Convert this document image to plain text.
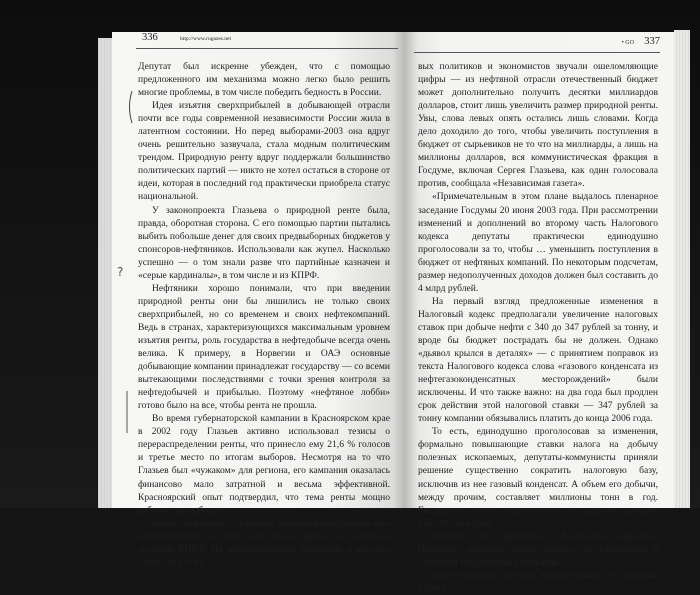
336	http://www.rugazes.net

Депутат был искренне убежден, что с помощью предложенного им механизма можно легко было решить многие проблемы, в том числе победить бедность в России.

Идея изъятия сверхприбылей в добывающей отрасли почти все годы современной независимости России жила в латентном состоянии. Но перед выборами-2003 она вдруг очень решительно зазвучала, стала модным политическим трендом. Природную ренту вдруг поддержали большинство политических партий — никто не хотел остаться в стороне от идеи, которая в последний год практически приобрела статус национальной.

У законопроекта Глазьева о природной ренте была, правда, оборотная сторона. С его помощью партии пытались выбить побольше денег для своих предвыборных бюджетов у спонсоров-нефтяников. Использовали как жупел. Насколько успешно — о том знали разве что партийные казначеи и «серые кардиналы», в том числе и из КПРФ.

Нефтяники хорошо понимали, что при введении природной ренты они бы лишились не только своих сверхприбылей, но со временем и своих нефтекомпаний. Ведь в странах, характеризующихся максимальным уровнем изъятия ренты, роль государства в нефтедобыче всегда очень велика. К примеру, в Норвегии и ОАЭ основные добывающие компании принадлежат государству — со всеми вытекающими последствиями с точки зрения контроля за нефтедобычей и прибылью. Поэтому «нефтяное лобби» готово было на все, чтобы рента не прошла.

Во время губернаторской кампании в Красноярском крае в 2002 году Глазьев активно использовал тезисы о перераспределении ренты, что принесло ему 21,6 % голосов и третье место по итогам выборов. Несмотря на то что Глазьев был «чужаком» для региона, его кампания оказалась финансово мало затратной и весьма эффективной. Красноярский опыт подтвердил, что тема ренты мощно работает на выборах.

Борьба за изъятие у сырьевых олигархов получаемых ими сверхприбылей в 2003 году стала одним из основных лозунгов КПРФ. На многочисленных собраниях и круглых столах из уст из-

?
• GO 337

вых политиков и экономистов звучали ошеломляющие цифры — из нефтяной отрасли отечественный бюджет может дополнительно получить десятки миллиардов долларов, стоит лишь увеличить размер природной ренты. Увы, слова левых опять остались лишь словами. Когда дело доходило до того, чтобы увеличить поступления в бюджет от сырьевиков не то что на миллиарды, а лишь на миллионы долларов, вся коммунистическая фракция в Госдуме, включая Сергея Глазьева, как один голосовала против, сообщала «Независимая газета».

«Примечательным в этом плане выдалось пленарное заседание Госдумы 20 июня 2003 года. При рассмотрении изменений и дополнений во второму часть Налогового кодекса депутаты практически единодушно проголосовали за то, чтобы … уменьшить поступления в бюджет от нефтяных компаний. По некоторым подсчетам, размер недополученных доходов должен был составить до 4 млрд рублей.

На первый взгляд предложенные изменения в Налоговый кодекс предполагали увеличение налоговых ставок при добыче нефти с 340 до 347 рублей за тонну, и вроде бы бюджет пострадать бы не должен. Однако «дьявол крылся в деталях» — с принятием поправок из текста Налогового кодекса слова «газового конденсата из нефтегазоконденсатных месторождений» были исключены. И что также важно: на два года был продлен срок действия этой налоговой ставки — 347 рублей за тонну компании обязывались платить до конца 2006 года.

То есть, единодушно проголосовав за изменения, формально повышающие ставки налога на добычу полезных ископаемых, депутаты-коммунисты приняли решение существенно сократить налоговую базу, исключив из нее газовый конденсат. А объем его добычи, между прочим, составляет миллионы тонн в год. Государство могло недосчитаться, по разным оценкам, 150–200 млн долл.

Почему так произошло? Возможны варианты. Например, депутаты могли попросту не разобраться в сущности предлагаемых поправок.

Более вероятна, конечно, другая причина — активная работа
